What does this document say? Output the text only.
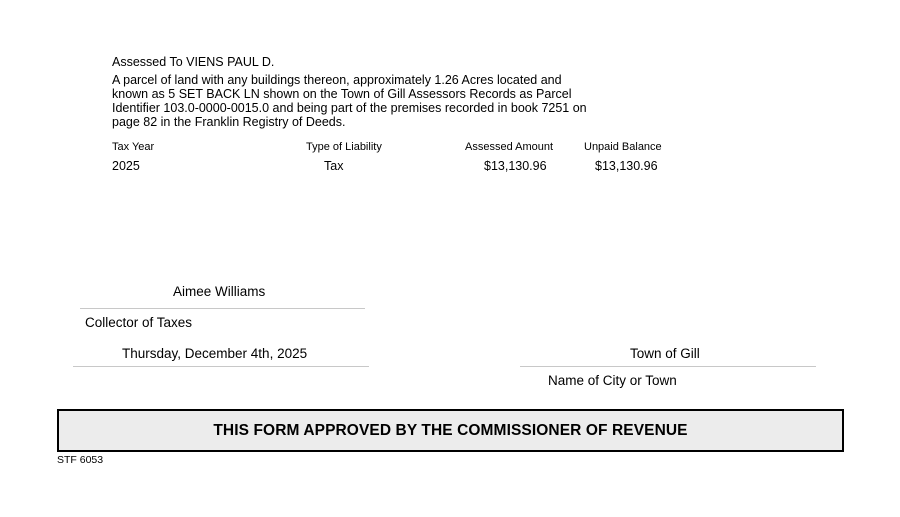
Assessed To VIENS PAUL D.
A parcel of land with any buildings thereon, approximately 1.26 Acres located and
known as 5 SET BACK LN shown on the Town of Gill Assessors Records as Parcel
Identifier 103.0-0000-0015.0 and being part of the premises recorded in book 7251 on
page 82 in the Franklin Registry of Deeds.
Tax Year	Type of Liability	Assessed Amount	Unpaid Balance
2025	Tax	$13,130.96	$13,130.96
Aimee Williams
Collector of Taxes
Thursday, December 4th, 2025	Town of Gill
Name of City or Town
THIS FORM APPROVED BY THE COMMISSIONER OF REVENUE
STF 6053
